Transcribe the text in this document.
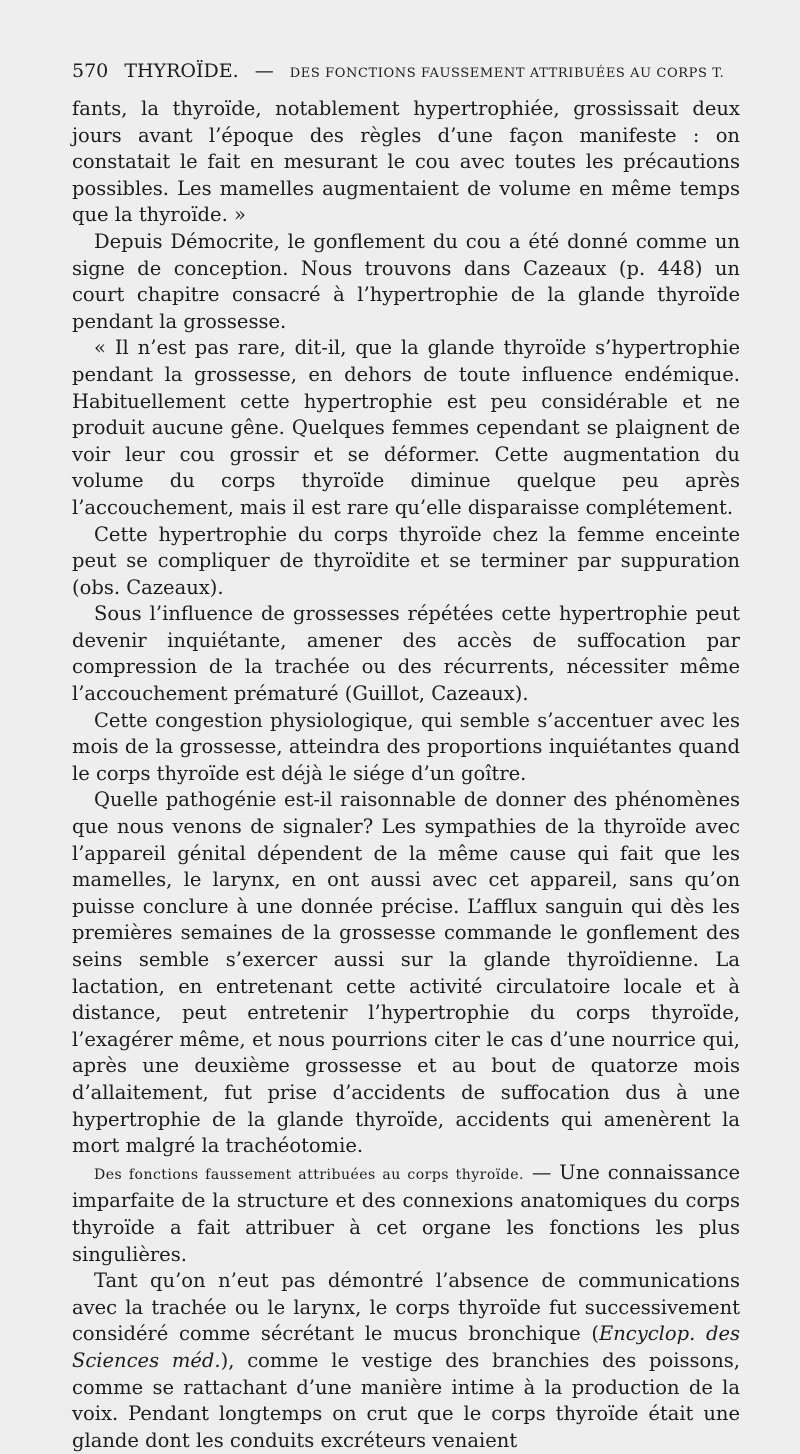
570 THYROÏDE. — DES FONCTIONS FAUSSEMENT ATTRIBUÉES AU CORPS T.

fants, la thyroïde, notablement hypertrophiée, grossissait deux jours avant l’époque des règles d’une façon manifeste : on constatait le fait en mesurant le cou avec toutes les précautions possibles. Les mamelles augmentaient de volume en même temps que la thyroïde. »

Depuis Démocrite, le gonflement du cou a été donné comme un signe de conception. Nous trouvons dans Cazeaux (p. 448) un court chapitre consacré à l’hypertrophie de la glande thyroïde pendant la grossesse.

« Il n’est pas rare, dit-il, que la glande thyroïde s’hypertrophie pendant la grossesse, en dehors de toute influence endémique. Habituellement cette hypertrophie est peu considérable et ne produit aucune gêne. Quelques femmes cependant se plaignent de voir leur cou grossir et se déformer. Cette augmentation du volume du corps thyroïde diminue quelque peu après l’accouchement, mais il est rare qu’elle disparaisse complétement.

Cette hypertrophie du corps thyroïde chez la femme enceinte peut se compliquer de thyroïdite et se terminer par suppuration (obs. Cazeaux).

Sous l’influence de grossesses répétées cette hypertrophie peut devenir inquiétante, amener des accès de suffocation par compression de la trachée ou des récurrents, nécessiter même l’accouchement prématuré (Guillot, Cazeaux).

Cette congestion physiologique, qui semble s’accentuer avec les mois de la grossesse, atteindra des proportions inquiétantes quand le corps thyroïde est déjà le siége d’un goître.

Quelle pathogénie est-il raisonnable de donner des phénomènes que nous venons de signaler? Les sympathies de la thyroïde avec l’appareil génital dépendent de la même cause qui fait que les mamelles, le larynx, en ont aussi avec cet appareil, sans qu’on puisse conclure à une donnée précise. L’afflux sanguin qui dès les premières semaines de la grossesse commande le gonflement des seins semble s’exercer aussi sur la glande thyroïdienne. La lactation, en entretenant cette activité circulatoire locale et à distance, peut entretenir l’hypertrophie du corps thyroïde, l’exagérer même, et nous pourrions citer le cas d’une nourrice qui, après une deuxième grossesse et au bout de quatorze mois d’allaitement, fut prise d’accidents de suffocation dus à une hypertrophie de la glande thyroïde, accidents qui amenèrent la mort malgré la trachéotomie.

Des fonctions faussement attribuées au corps thyroïde. — Une connaissance imparfaite de la structure et des connexions anatomiques du corps thyroïde a fait attribuer à cet organe les fonctions les plus singulières.

Tant qu’on n’eut pas démontré l’absence de communications avec la trachée ou le larynx, le corps thyroïde fut successivement considéré comme sécrétant le mucus bronchique (Encyclop. des Sciences méd.), comme le vestige des branchies des poissons, comme se rattachant d’une manière intime à la production de la voix. Pendant longtemps on crut que le corps thyroïde était une glande dont les conduits excréteurs venaient
